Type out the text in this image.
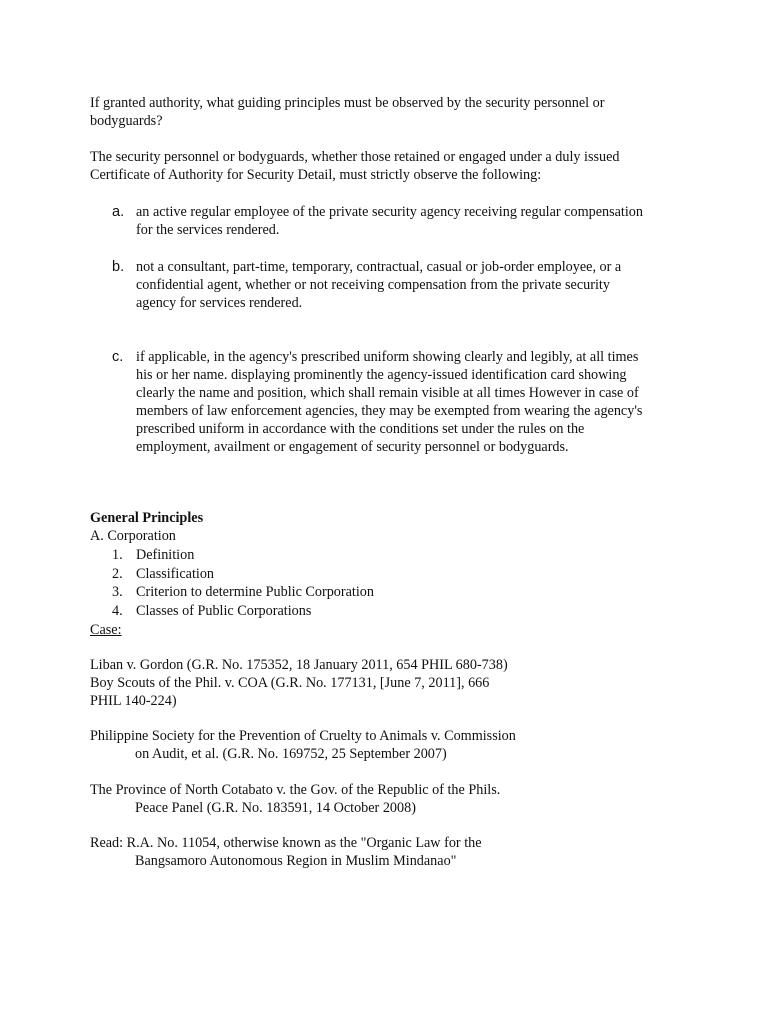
If granted authority, what guiding principles must be observed by the security personnel or
bodyguards?
The security personnel or bodyguards, whether those retained or engaged under a duly issued
Certificate of Authority for Security Detail, must strictly observe the following:
a. an active regular employee of the private security agency receiving regular compensation
for the services rendered.
b. not a consultant, part-time, temporary, contractual, casual or job-order employee, or a
confidential agent, whether or not receiving compensation from the private security
agency for services rendered.
c. if applicable, in the agency's prescribed uniform showing clearly and legibly, at all times
his or her name. displaying prominently the agency-issued identification card showing
clearly the name and position, which shall remain visible at all times However in case of
members of law enforcement agencies, they may be exempted from wearing the agency's
prescribed uniform in accordance with the conditions set under the rules on the
employment, availment or engagement of security personnel or bodyguards.
General Principles
A. Corporation
1. Definition
2. Classification
3. Criterion to determine Public Corporation
4. Classes of Public Corporations
Case:
Liban v. Gordon (G.R. No. 175352, 18 January 2011, 654 PHIL 680-738)
Boy Scouts of the Phil. v. COA (G.R. No. 177131, [June 7, 2011], 666
PHIL 140-224)
Philippine Society for the Prevention of Cruelty to Animals v. Commission
on Audit, et al. (G.R. No. 169752, 25 September 2007)
The Province of North Cotabato v. the Gov. of the Republic of the Phils.
Peace Panel (G.R. No. 183591, 14 October 2008)
Read: R.A. No. 11054, otherwise known as the "Organic Law for the
Bangsamoro Autonomous Region in Muslim Mindanao"
